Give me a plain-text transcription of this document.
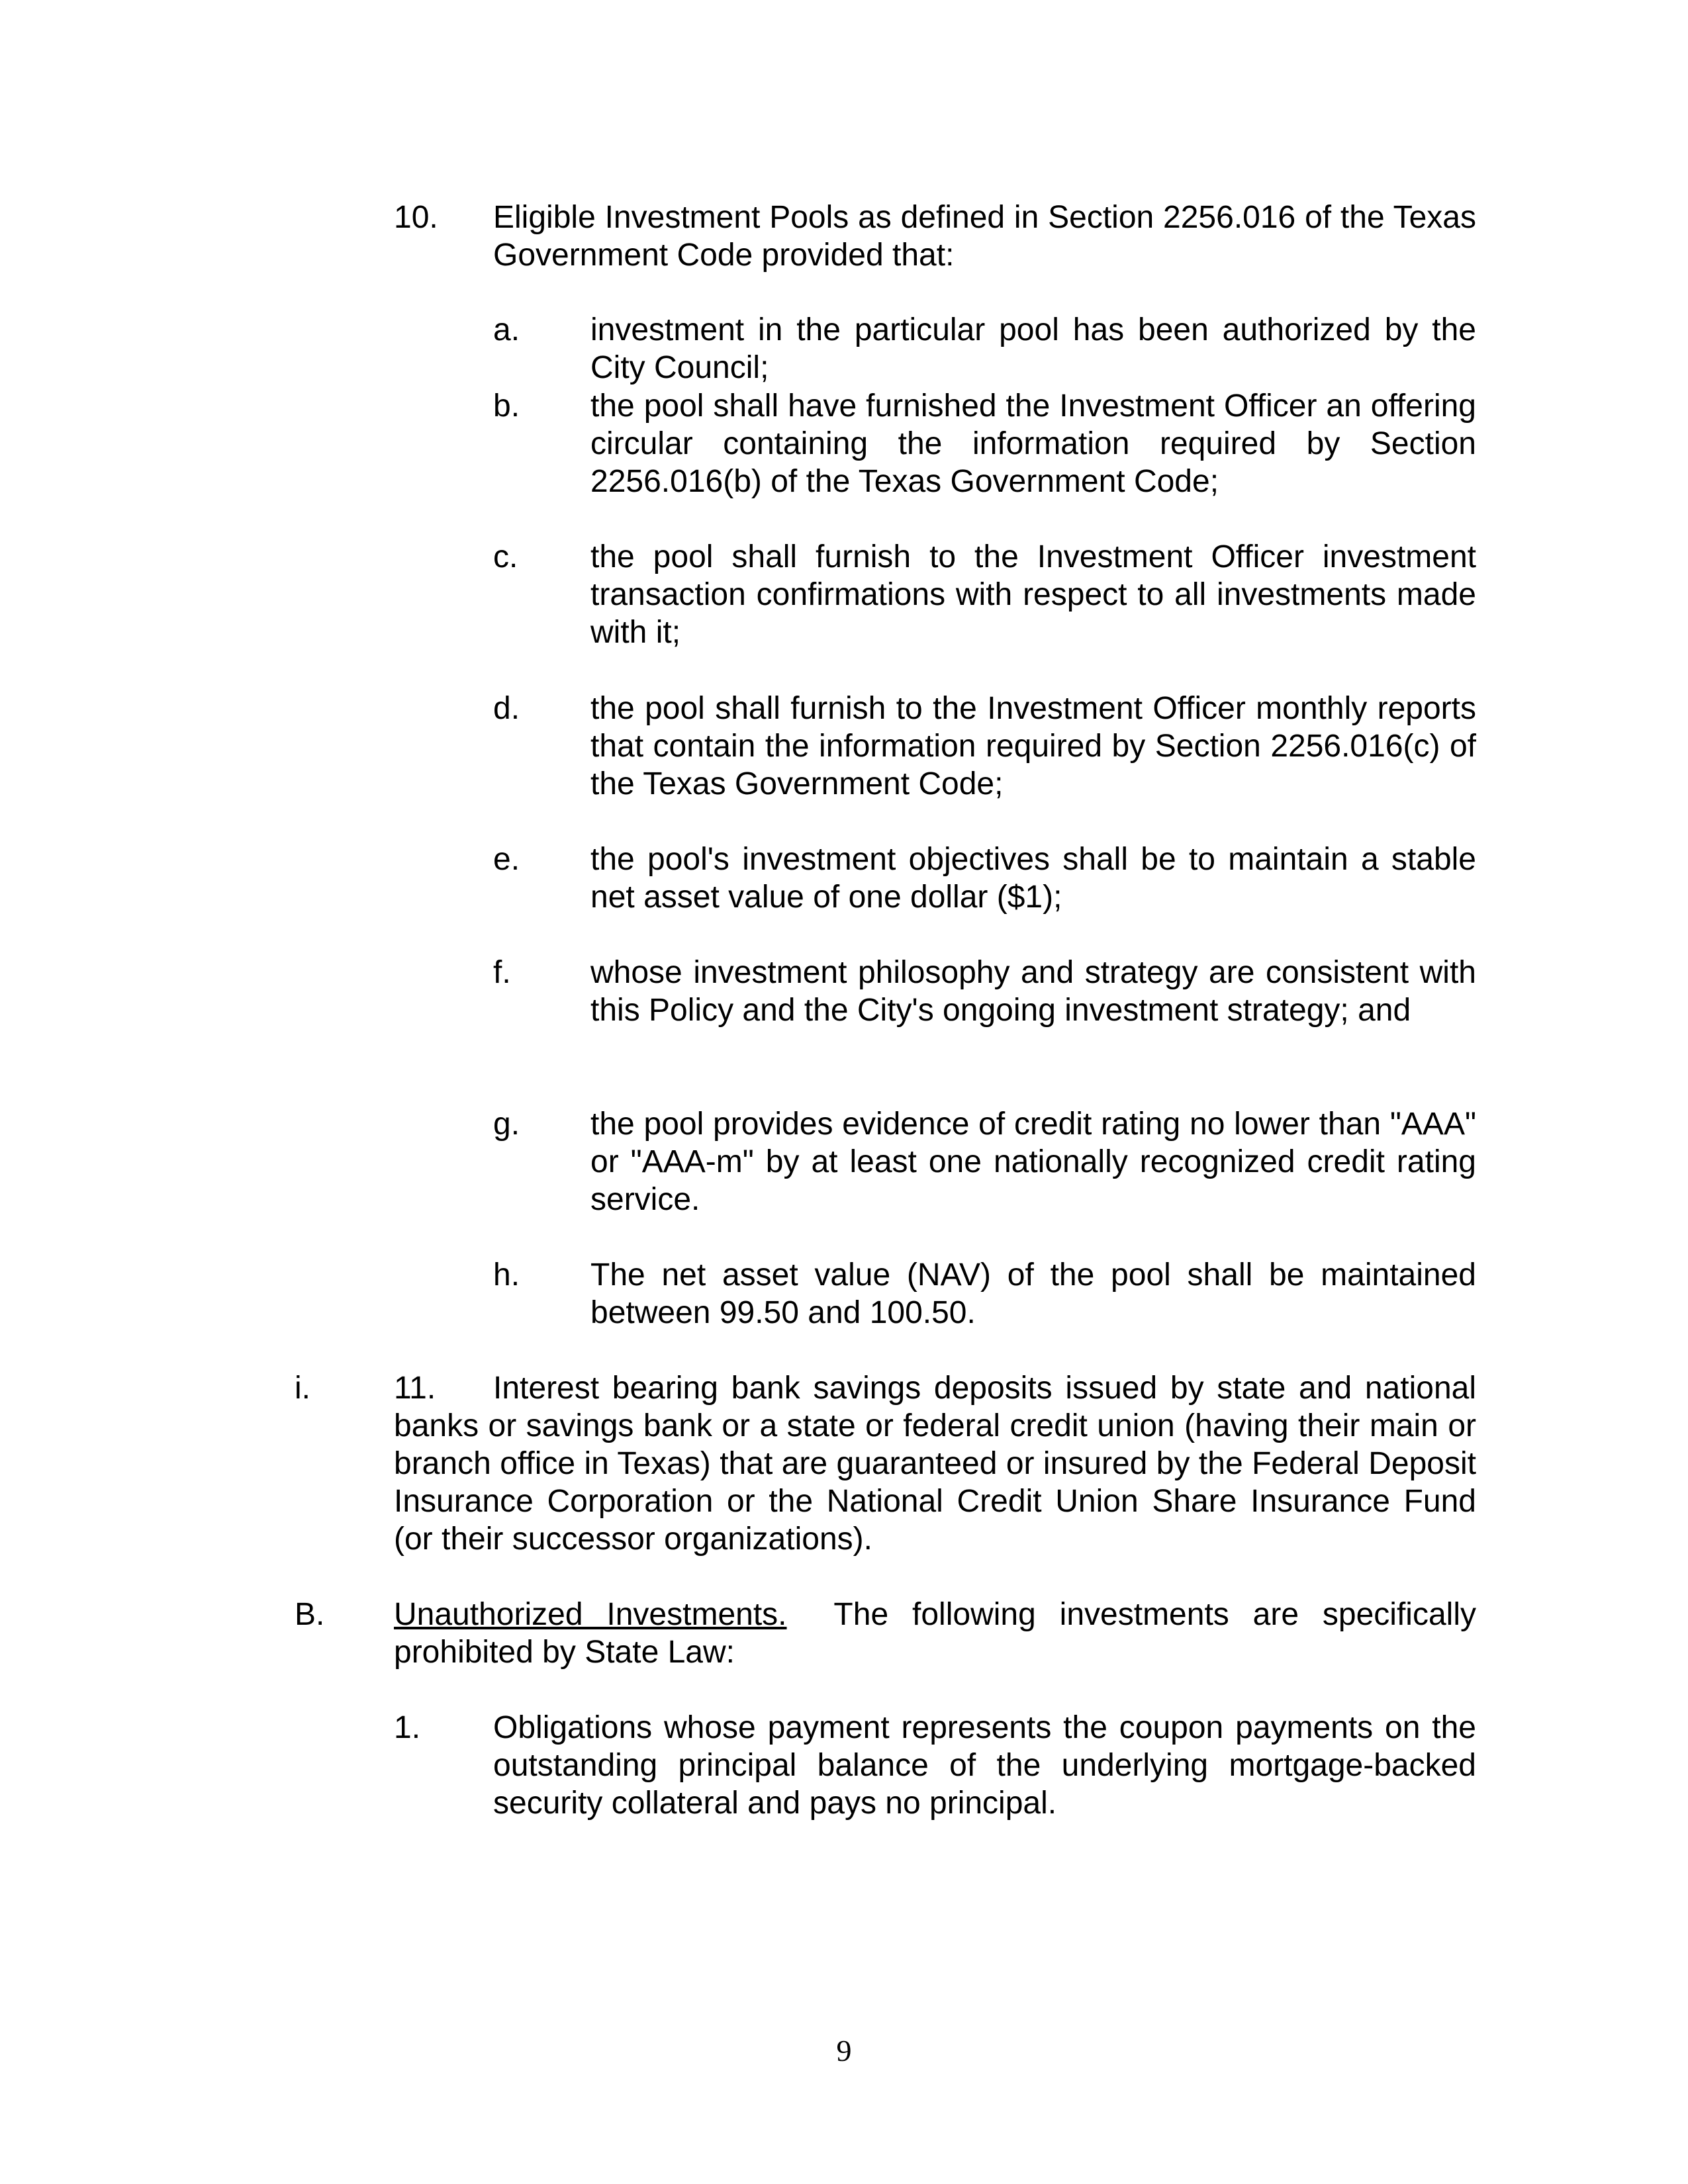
10. Eligible Investment Pools as defined in Section 2256.016 of the Texas Government Code provided that:

a. investment in the particular pool has been authorized by the City Council;

b. the pool shall have furnished the Investment Officer an offering circular containing the information required by Section 2256.016(b) of the Texas Government Code;

c. the pool shall furnish to the Investment Officer investment transaction confirmations with respect to all investments made with it;

d. the pool shall furnish to the Investment Officer monthly reports that contain the information required by Section 2256.016(c) of the Texas Government Code;

e. the pool's investment objectives shall be to maintain a stable net asset value of one dollar ($1);

f.	whose investment philosophy and strategy are consistent with this Policy and the City's ongoing investment strategy; and

g. the pool provides evidence of credit rating no lower than "AAA" or "AAA-m" by at least one nationally recognized credit rating service.

h. The net asset value (NAV) of the pool shall be maintained between 99.50 and 100.50.

i.	11. Interest bearing bank savings deposits issued by state and national banks or savings bank or a state or federal credit union (having their main or branch office in Texas) that are guaranteed or insured by the Federal Deposit Insurance Corporation or the National Credit Union Share Insurance Fund (or their successor organizations).

B. Unauthorized Investments. The following investments are specifically prohibited by State Law:

1. Obligations whose payment represents the coupon payments on the outstanding principal balance of the underlying mortgage-backed security collateral and pays no principal.

9
